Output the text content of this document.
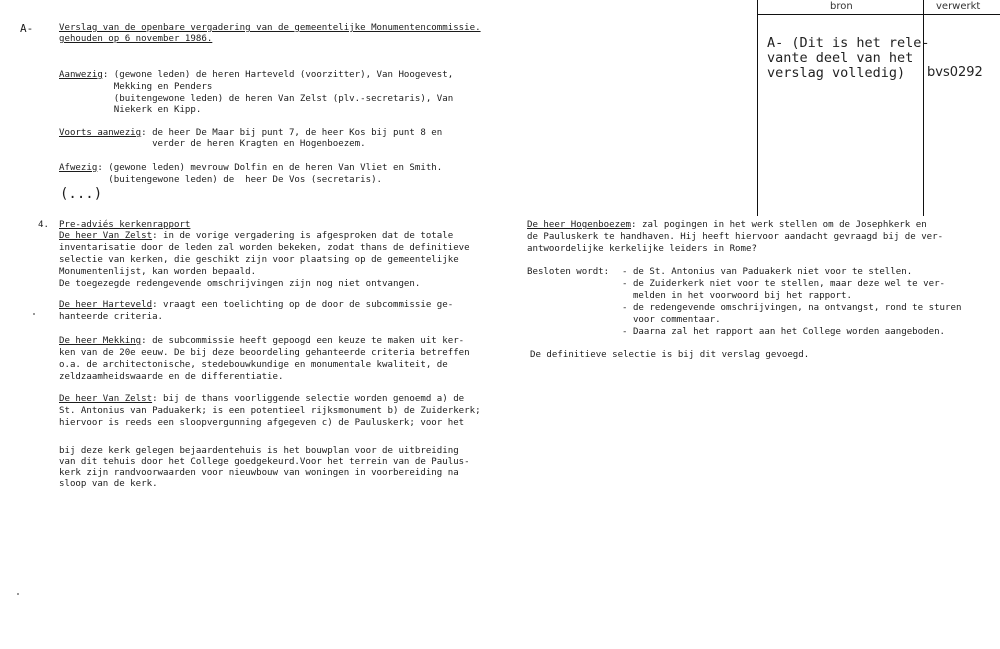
A-	Verslag van de openbare vergadering van de gemeentelijke Monumentencommissie.

gehouden op 6 november 1986.

Aanwezig: (gewone leden) de heren Harteveld (voorzitter), Van Hoogevest,

Mekking en Penders

(buitengewone leden) de heren Van Zelst (plv.-secretaris), Van

Niekerk en Kipp.

Voorts aanwezig: de heer De Maar bij punt 7, de heer Kos bij punt 8 en

verder de heren Kragten en Hogenboezem.

Afwezig: (gewone leden) mevrouw Dolfin en de heren Van Vliet en Smith.

(buitengewone leden) de  heer De Vos (secretaris).

(...)
bron	verwerkt
A- (Dit is het rele-
vante deel van het
verslag volledig) bvs0292

4. Pre-adviés kerkenrapport

De heer Van Zelst: in de vorige vergadering is afgesproken dat de totale

inventarisatie door de leden zal worden bekeken, zodat thans de definitieve

selectie van kerken, die geschikt zijn voor plaatsing op de gemeentelijke

Monumentenlijst, kan worden bepaald.

De toegezegde redengevende omschrijvingen zijn nog niet ontvangen.

De heer Harteveld: vraagt een toelichting op de door de subcommissie ge-

hanteerde criteria.

De heer Mekking: de subcommissie heeft gepoogd een keuze te maken uit ker-

ken van de 20e eeuw. De bij deze beoordeling gehanteerde criteria betreffen

o.a. de architectonische, stedebouwkundige en monumentale kwaliteit, de

zeldzaamheidswaarde en de differentiatie.

De heer Van Zelst: bij de thans voorliggende selectie worden genoemd a) de

St. Antonius van Paduakerk; is een potentieel rijksmonument b) de Zuiderkerk;

hiervoor is reeds een sloopvergunning afgegeven c) de Pauluskerk; voor het

bij deze kerk gelegen bejaardentehuis is het bouwplan voor de uitbreiding

van dit tehuis door het College goedgekeurd.Voor het terrein van de Paulus-

kerk zijn randvoorwaarden voor nieuwbouw van woningen in voorbereiding na

sloop van de kerk.

De heer Hogenboezem: zal pogingen in het werk stellen om de Josephkerk en

de Pauluskerk te handhaven. Hij heeft hiervoor aandacht gevraagd bij de ver-

antwoordelijke kerkelijke leiders in Rome?

Besloten wordt: - de St. Antonius van Paduakerk niet voor te stellen.

- de Zuiderkerk niet voor te stellen, maar deze wel te ver-

melden in het voorwoord bij het rapport.

- de redengevende omschrijvingen, na ontvangst, rond te sturen

voor commentaar.

- Daarna zal het rapport aan het College worden aangeboden.

De definitieve selectie is bij dit verslag gevoegd.
